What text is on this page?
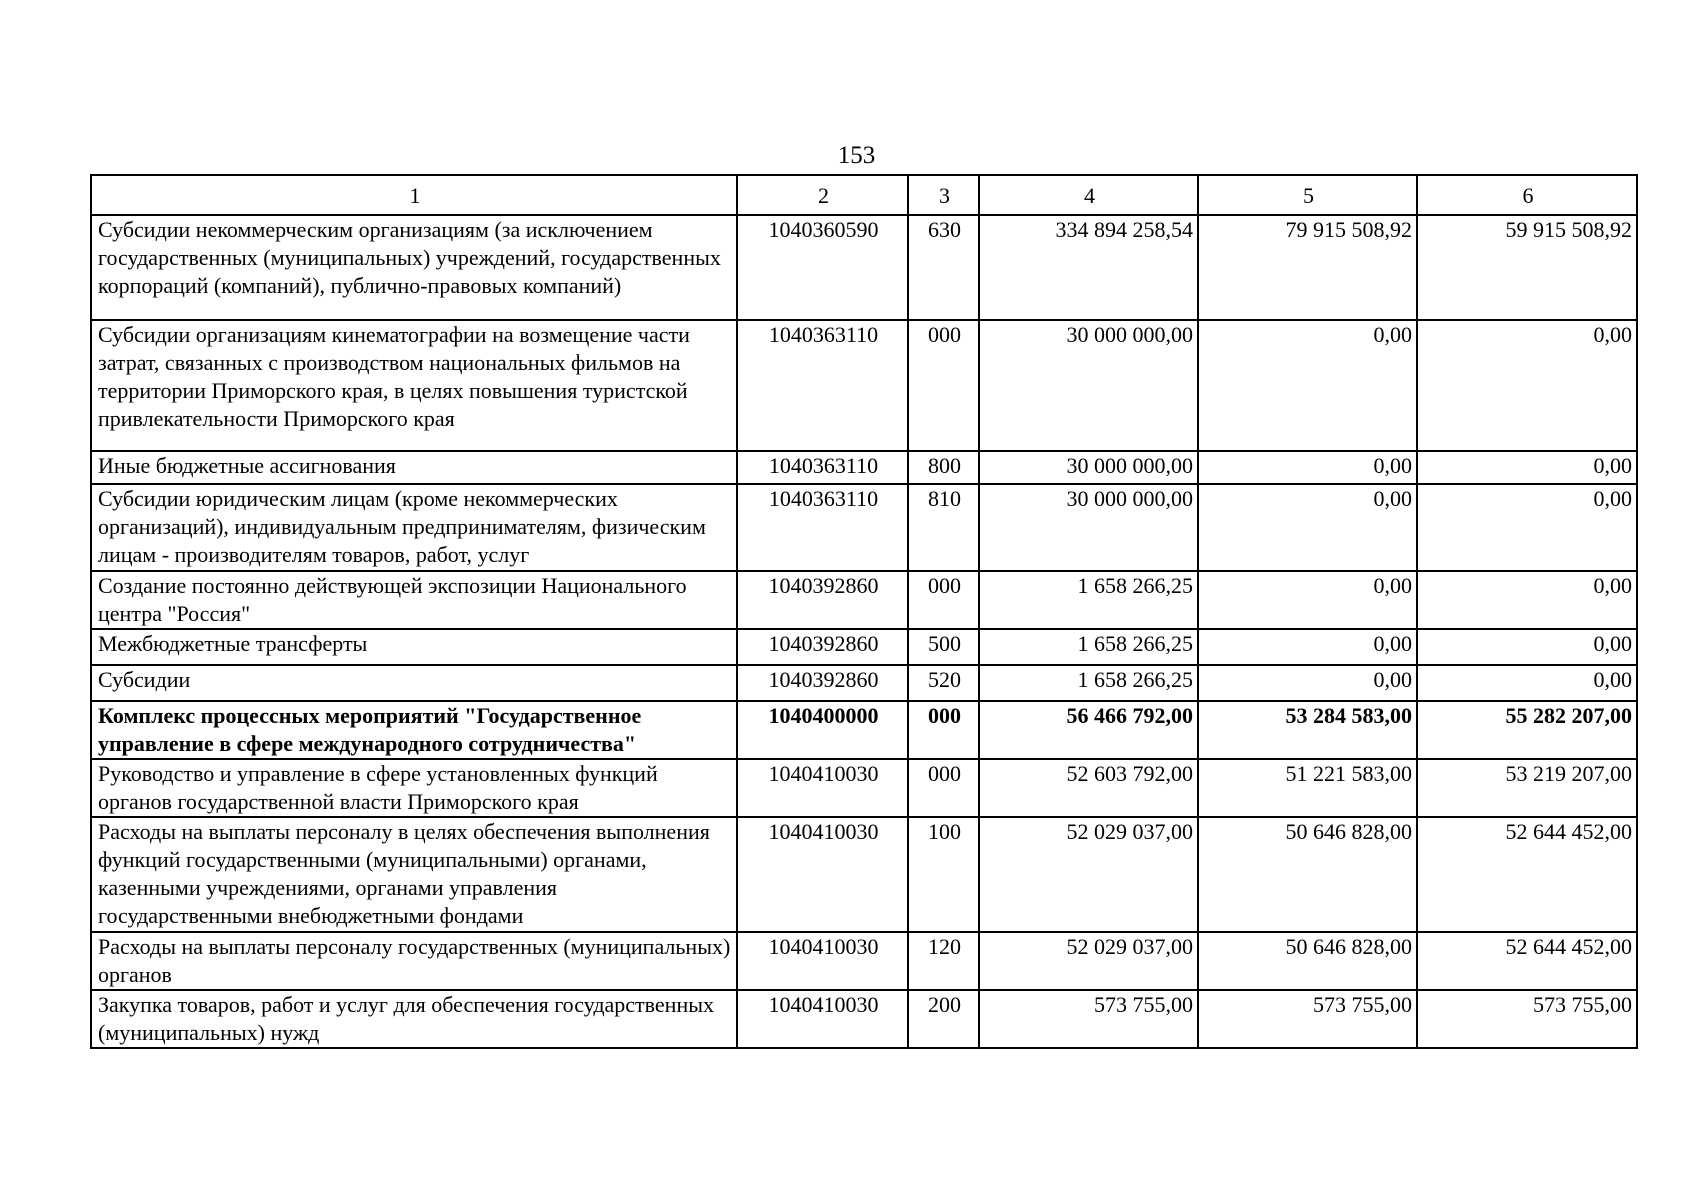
153
1	2	3	4	5	6
Субсидии некоммерческим организациям (за исключением государственных (муниципальных) учреждений, государственных корпораций (компаний), публично-правовых компаний)	1040360590	630	334 894 258,54	79 915 508,92	59 915 508,92
Субсидии организациям кинематографии на возмещение части затрат, связанных с производством национальных фильмов на территории Приморского края, в целях повышения туристской привлекательности Приморского края	1040363110	000	30 000 000,00	0,00	0,00
Иные бюджетные ассигнования	1040363110	800	30 000 000,00	0,00	0,00
Субсидии юридическим лицам (кроме некоммерческих организаций), индивидуальным предпринимателям, физическим лицам - производителям товаров, работ, услуг	1040363110	810	30 000 000,00	0,00	0,00
Создание постоянно действующей экспозиции Национального центра "Россия"	1040392860	000	1 658 266,25	0,00	0,00
Межбюджетные трансферты	1040392860	500	1 658 266,25	0,00	0,00
Субсидии	1040392860	520	1 658 266,25	0,00	0,00
Комплекс процессных мероприятий "Государственное управление в сфере международного сотрудничества"	1040400000	000	56 466 792,00	53 284 583,00	55 282 207,00
Руководство и управление в сфере установленных функций органов государственной власти Приморского края	1040410030	000	52 603 792,00	51 221 583,00	53 219 207,00
Расходы на выплаты персоналу в целях обеспечения выполнения функций государственными (муниципальными) органами, казенными учреждениями, органами управления государственными внебюджетными фондами	1040410030	100	52 029 037,00	50 646 828,00	52 644 452,00
Расходы на выплаты персоналу государственных (муниципальных) органов	1040410030	120	52 029 037,00	50 646 828,00	52 644 452,00
Закупка товаров, работ и услуг для обеспечения государственных (муниципальных) нужд	1040410030	200	573 755,00	573 755,00	573 755,00
